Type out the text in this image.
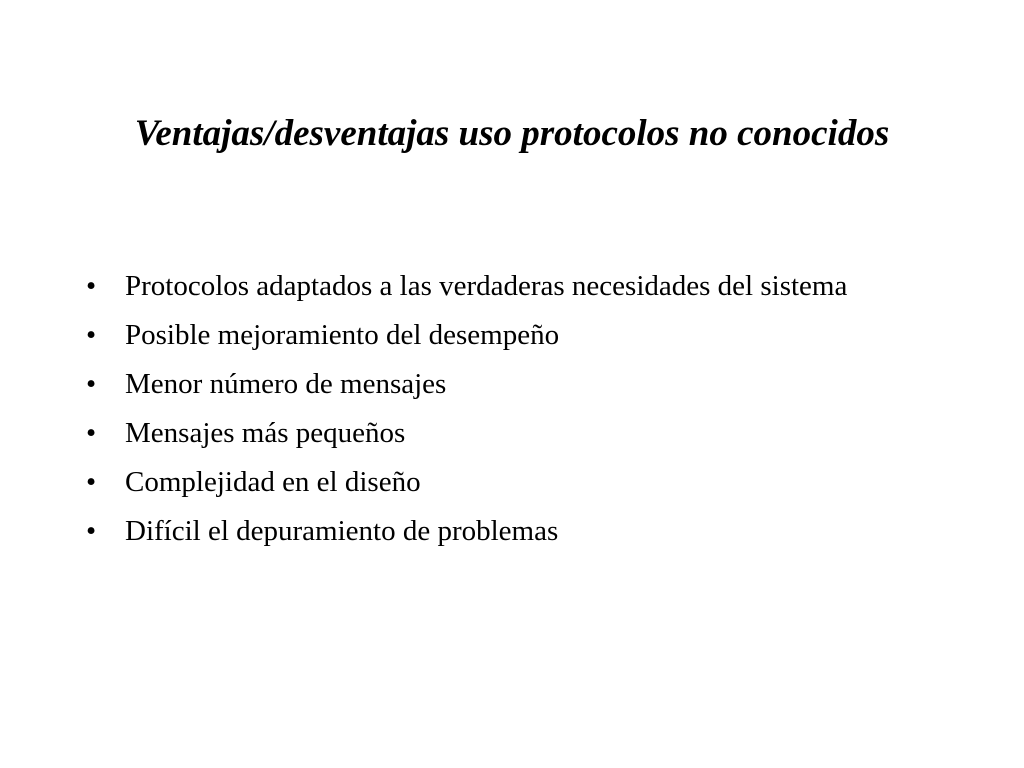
Ventajas/desventajas uso protocolos no conocidos
• Protocolos adaptados a las verdaderas necesidades del sistema
• Posible mejoramiento del desempeño
• Menor número de mensajes
• Mensajes más pequeños
• Complejidad en el diseño
• Difícil el depuramiento de problemas
